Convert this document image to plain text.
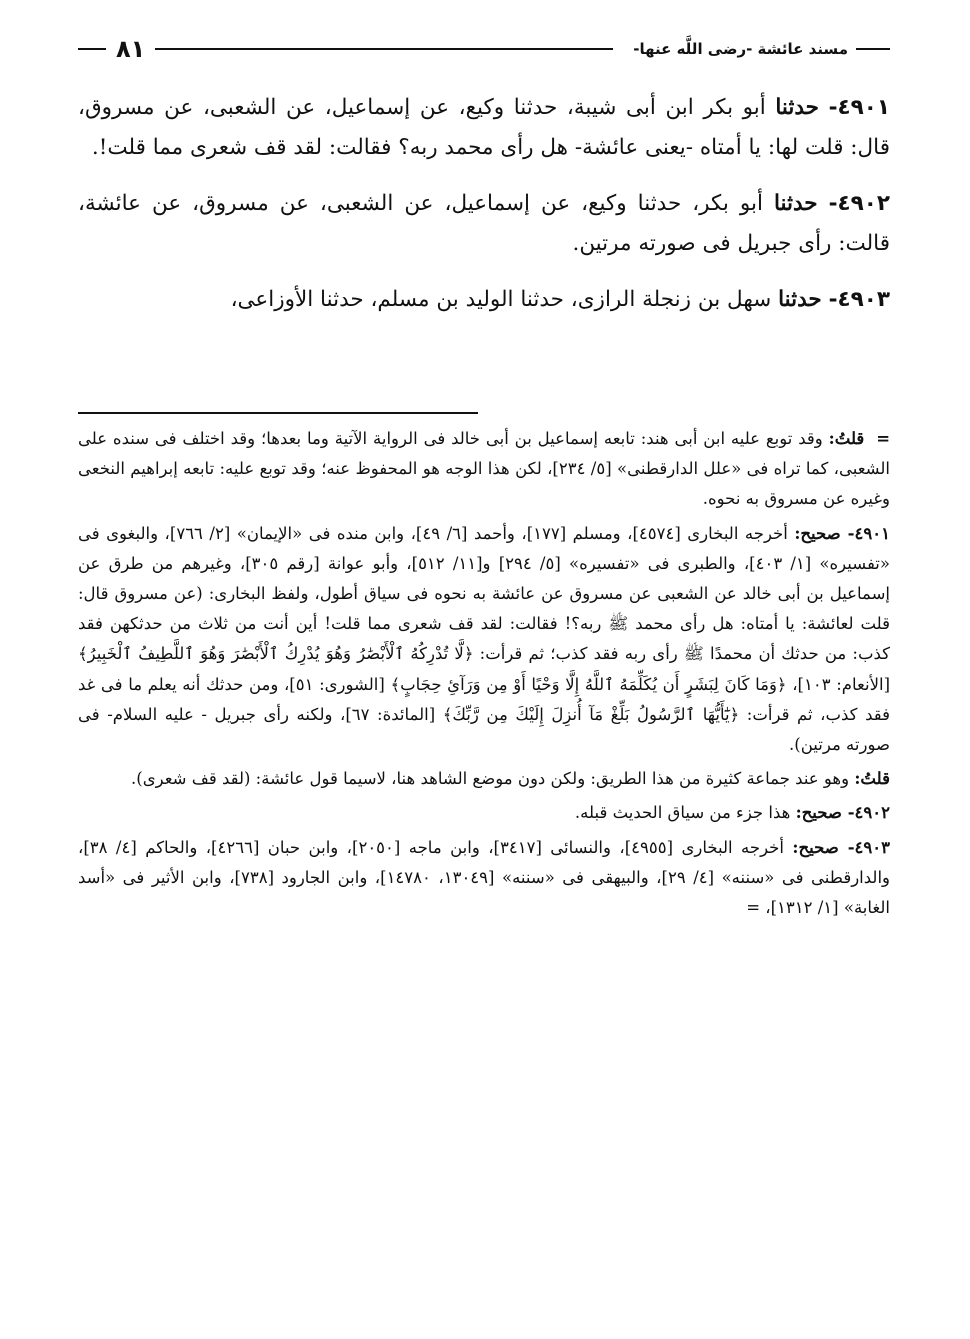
مسند عائشة -رضى اللَّه عنها-
٨١

٤٩٠١- حدثنا أبو بكر ابن أبى شيبة، حدثنا وكيع، عن إسماعيل، عن الشعبى، عن مسروق، قال: قلت لها: يا أمتاه -يعنى عائشة- هل رأى محمد ربه؟ فقالت: لقد قف شعرى مما قلت!.

٤٩٠٢- حدثنا أبو بكر، حدثنا وكيع، عن إسماعيل، عن الشعبى، عن مسروق، عن عائشة، قالت: رأى جبريل فى صورته مرتين.

٤٩٠٣- حدثنا سهل بن زنجلة الرازى، حدثنا الوليد بن مسلم، حدثنا الأوزاعى،

= قلتُ: وقد توبع عليه ابن أبى هند: تابعه إسماعيل بن أبى خالد فى الرواية الآتية وما بعدها؛ وقد اختلف فى سنده على الشعبى، كما تراه فى «علل الدارقطنى» [٥/ ٢٣٤]، لكن هذا الوجه هو المحفوظ عنه؛ وقد توبع عليه: تابعه إبراهيم النخعى وغيره عن مسروق به نحوه.

٤٩٠١- صحيح: أخرجه البخارى [٤٥٧٤]، ومسلم [١٧٧]، وأحمد [٦/ ٤٩]، وابن منده فى «الإيمان» [٢/ ٧٦٦]، والبغوى فى «تفسيره» [١/ ٤٠٣]، والطبرى فى «تفسيره» [٥/ ٢٩٤] و[١١/ ٥١٢]، وأبو عوانة [رقم ٣٠٥]، وغيرهم من طرق عن إسماعيل بن أبى خالد عن الشعبى عن مسروق عن عائشة به نحوه فى سياق أطول، ولفظ البخارى: (عن مسروق قال: قلت لعائشة: يا أمتاه: هل رأى محمد ﷺ ربه؟! فقالت: لقد قف شعرى مما قلت! أين أنت من ثلاث من حدثكهن فقد كذب: من حدثك أن محمدًا ﷺ رأى ربه فقد كذب؛ ثم قرأت: ﴿لَّا تُدْرِكُهُ ٱلْأَبْصَٰرُ وَهُوَ يُدْرِكُ ٱلْأَبْصَٰرَ وَهُوَ ٱللَّطِيفُ ٱلْخَبِيرُ﴾ [الأنعام: ١٠٣]، ﴿وَمَا كَانَ لِبَشَرٍ أَن يُكَلِّمَهُ ٱللَّهُ إِلَّا وَحْيًا أَوْ مِن وَرَآئِ حِجَابٍ﴾ [الشورى: ٥١]، ومن حدثك أنه يعلم ما فى غد فقد كذب، ثم قرأت: ﴿يَٰٓأَيُّهَا ٱلرَّسُولُ بَلِّغْ مَآ أُنزِلَ إِلَيْكَ مِن رَّبِّكَ﴾ [المائدة: ٦٧]، ولكنه رأى جبريل - عليه السلام- فى صورته مرتين).

قلتُ: وهو عند جماعة كثيرة من هذا الطريق: ولكن دون موضع الشاهد هنا، لاسيما قول عائشة: (لقد قف شعرى).

٤٩٠٢- صحيح: هذا جزء من سياق الحديث قبله.

٤٩٠٣- صحيح: أخرجه البخارى [٤٩٥٥]، والنسائى [٣٤١٧]، وابن ماجه [٢٠٥٠]، وابن حبان [٤٢٦٦]، والحاكم [٤/ ٣٨]، والدارقطنى فى «سننه» [٤/ ٢٩]، والبيهقى فى «سننه» [١٣٠٤٩، ١٤٧٨٠]، وابن الجارود [٧٣٨]، وابن الأثير فى «أسد الغابة» [١/ ١٣١٢]، =
